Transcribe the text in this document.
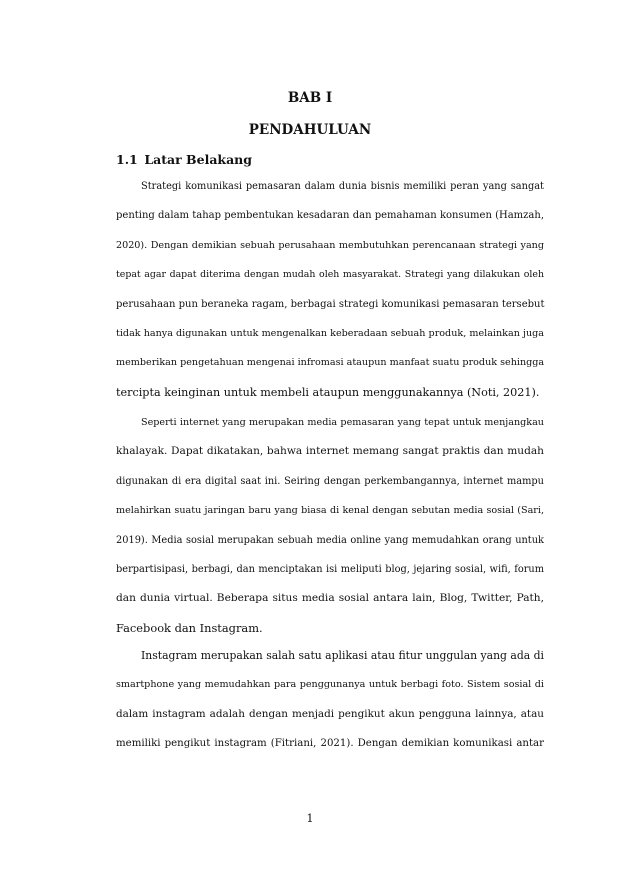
BAB I
PENDAHULUAN
1.1 Latar Belakang

Strategi komunikasi pemasaran dalam dunia bisnis memiliki peran yang sangat
penting dalam tahap pembentukan kesadaran dan pemahaman konsumen (Hamzah,
2020). Dengan demikian sebuah perusahaan membutuhkan perencanaan strategi yang
tepat agar dapat diterima dengan mudah oleh masyarakat. Strategi yang dilakukan oleh
perusahaan pun beraneka ragam, berbagai strategi komunikasi pemasaran tersebut
tidak hanya digunakan untuk mengenalkan keberadaan sebuah produk, melainkan juga
memberikan pengetahuan mengenai infromasi ataupun manfaat suatu produk sehingga
tercipta keinginan untuk membeli ataupun menggunakannya (Noti, 2021).

Seperti internet yang merupakan media pemasaran yang tepat untuk menjangkau
khalayak. Dapat dikatakan, bahwa internet memang sangat praktis dan mudah
digunakan di era digital saat ini. Seiring dengan perkembangannya, internet mampu
melahirkan suatu jaringan baru yang biasa di kenal dengan sebutan media sosial (Sari,
2019). Media sosial merupakan sebuah media online yang memudahkan orang untuk
berpartisipasi, berbagi, dan menciptakan isi meliputi blog, jejaring sosial, wifi, forum
dan dunia virtual. Beberapa situs media sosial antara lain, Blog, Twitter, Path,
Facebook dan Instagram.

Instagram merupakan salah satu aplikasi atau fitur unggulan yang ada di
smartphone yang memudahkan para penggunanya untuk berbagi foto. Sistem sosial di
dalam instagram adalah dengan menjadi pengikut akun pengguna lainnya, atau
memiliki pengikut instagram (Fitriani, 2021). Dengan demikian komunikasi antar

1
